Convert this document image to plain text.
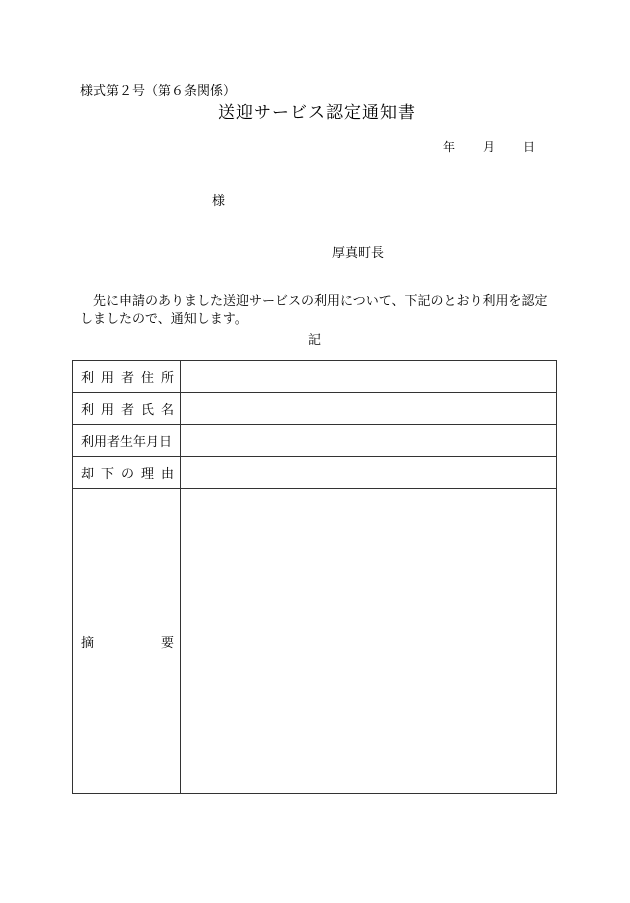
様式第２号（第６条関係）
送迎サービス認定通知書
年 月 日
様
厚真町長
先に申請のありました送迎サービスの利用について、下記のとおり利用を認定しましたので、通知します。
記
利 用 者 住 所	

利 用 者 氏 名	

利用者生年月日	

却 下 の 理 由	

摘 要	
